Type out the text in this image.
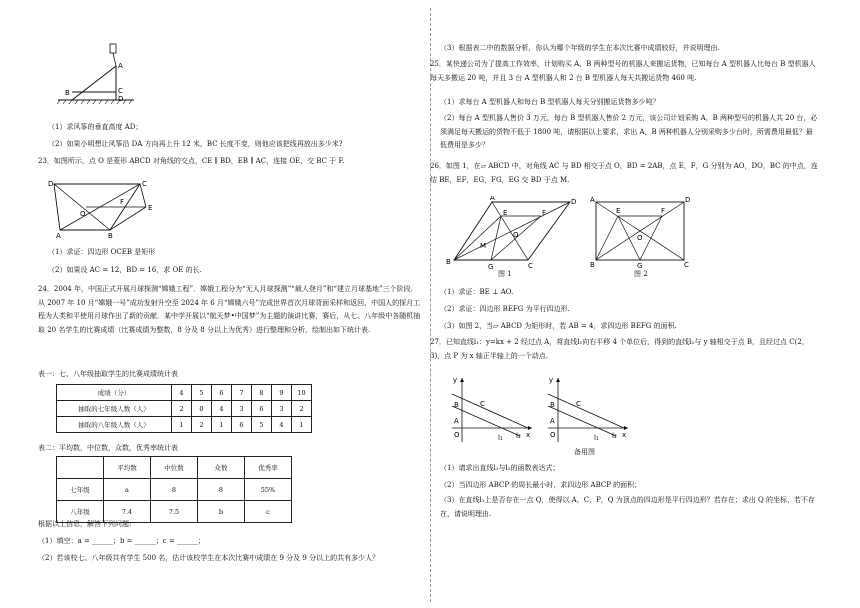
A
B	C
D
（1）求风筝的垂直高度 AD；
（2）如果小明想让风筝沿 DA 方向再上升 12 米，BC 长度不变，则他应该把线再放出多少米?
23．如图所示，点 O 是菱形 ABCD 对角线的交点，CE ∥ BD，EB ∥ AC，连接 OE，交 BC 于 F.
D	C
F
E
O
A	B
（1）求证：四边形 OCEB 是矩形
（2）如果设 AC = 12，BD = 16，求 OE 的长.
24．2004 年，中国正式开展月球探测“嫦娥工程”．嫦娥工程分为“无人月球探测”“载人登月”和“建立月球基地”三个阶段．从 2007 年 10 月“嫦娥一号”成功发射升空至 2024 年 6 月“嫦娥六号”完成世界首次月球背面采样和返回，中国人的探月工程为人类和平使用月球作出了新的贡献．某中学开展以“航天梦•中国梦”为主题的演讲比赛，赛后，从七、八年级中各随机抽取 20 名学生的比赛成绩（比赛成绩为整数，8 分及 8 分以上为优秀）进行整理和分析，绘制出如下统计表.
表一：七、八年级抽取学生的比赛成绩统计表
成绩（分）	4	5	6	7	8	9	10
抽取的七年级人数（人）	2	0	4	3	6	3	2
抽取的八年级人数（人）	1	2	1	6	5	4	1
表二：平均数，中位数，众数，优秀率统计表
	平均数	中位数	众数	优秀率
七年级	a	8	8	55%
八年级	7.4	7.5	b	c
根据以上信息，解答下列问题:
（1）填空：a = ______；b = ______；c = ______；
（2）若该校七、八年级共有学生 500 名，估计该校学生在本次比赛中成绩在 9 分及 9 分以上的共有多少人？
（3）根据表二中的数据分析，你认为哪个年级的学生在本次比赛中成绩较好，并说明理由.
25．某快递公司为了提高工作效率，计划购买 A，B 两种型号的机器人来搬运货物，已知每台 A 型机器人比每台 B 型机器人每天多搬运 20 吨，并且 3 台 A 型机器人和 2 台 B 型机器人每天共搬运货物 460 吨.
（1）求每台 A 型机器人和每台 B 型机器人每天分别搬运货物多少吨？
（2）每台 A 型机器人售价 3 万元，每台 B 型机器人售价 2 万元，该公司计划采购 A，B 两种型号的机器人共 20 台，必须满足每天搬运的货物不低于 1800 吨，请根据以上要求，求出 A，B 两种机器人分别采购多少台时，所需费用最低？最低费用是多少？
26．如图 1，在▱ ABCD 中，对角线 AC 与 BD 相交于点 O，BD = 2AB，点 E，F，G 分别为 AO，DO，BC 的中点，连结 BE，EF，EG，FG，EG 交 BD 于点 M.
A	D
E	F
O
M
B
G	C
图 1
A	D
E	F
O
B	G	C
图 2
（1）求证：BE ⊥ AO.
（2）求证：四边形 BEFG 为平行四边形.
（3）如图 2，当▱ ABCD 为矩形时，若 AB = 4，求四边形 BEFG 的面积.
27．已知直线l₁：y=kx + 2 经过点 A，将直线l₁向右平移 4 个单位后，得到的直线l₂与 y 轴相交于点 B，且经过点 C(2，3)，点 P 为 x 轴正半轴上的一个动点.
y
x
O
A
B	C
l₁ l₂
y
x
O
A
B	C
l₁ l₂
备用图
（1）请求出直线l₁与l₂的函数表达式；
（2）当四边形 ABCP 的周长最小时，求四边形 ABCP 的面积；
（3）在直线l₁上是否存在一点 Q，使得以 A，C，P，Q 为顶点的四边形是平行四边形？若存在；求出 Q 的坐标，若不存在，请说明理由.
